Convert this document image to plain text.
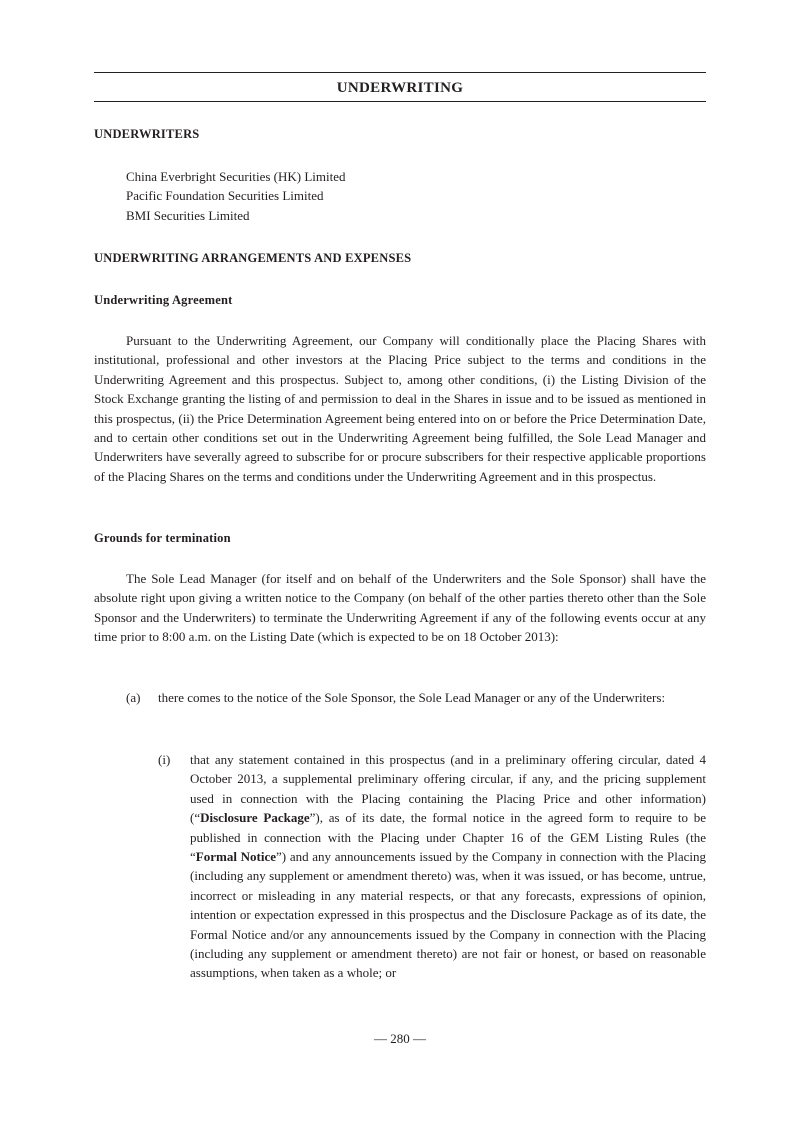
UNDERWRITING
UNDERWRITERS
China Everbright Securities (HK) Limited
Pacific Foundation Securities Limited
BMI Securities Limited
UNDERWRITING ARRANGEMENTS AND EXPENSES
Underwriting Agreement

Pursuant to the Underwriting Agreement, our Company will conditionally place the Placing Shares with institutional, professional and other investors at the Placing Price subject to the terms and conditions in the Underwriting Agreement and this prospectus. Subject to, among other conditions, (i) the Listing Division of the Stock Exchange granting the listing of and permission to deal in the Shares in issue and to be issued as mentioned in this prospectus, (ii) the Price Determination Agreement being entered into on or before the Price Determination Date, and to certain other conditions set out in the Underwriting Agreement being fulfilled, the Sole Lead Manager and Underwriters have severally agreed to subscribe for or procure subscribers for their respective applicable proportions of the Placing Shares on the terms and conditions under the Underwriting Agreement and in this prospectus.

Grounds for termination

The Sole Lead Manager (for itself and on behalf of the Underwriters and the Sole Sponsor) shall have the absolute right upon giving a written notice to the Company (on behalf of the other parties thereto other than the Sole Sponsor and the Underwriters) to terminate the Underwriting Agreement if any of the following events occur at any time prior to 8:00 a.m. on the Listing Date (which is expected to be on 18 October 2013):

(a) there comes to the notice of the Sole Sponsor, the Sole Lead Manager or any of the Underwriters:
(i) that any statement contained in this prospectus (and in a preliminary offering circular, dated 4 October 2013, a supplemental preliminary offering circular, if any, and the pricing supplement used in connection with the Placing containing the Placing Price and other information)(“Disclosure Package”), as of its date, the formal notice in the agreed form to require to be published in connection with the Placing under Chapter 16 of the GEM Listing Rules (the “Formal Notice”) and any announcements issued by the Company in connection with the Placing (including any supplement or amendment thereto) was, when it was issued, or has become, untrue, incorrect or misleading in any material respects, or that any forecasts, expressions of opinion, intention or expectation expressed in this prospectus and the Disclosure Package as of its date, the Formal Notice and/or any announcements issued by the Company in connection with the Placing (including any supplement or amendment thereto) are not fair or honest, or based on reasonable assumptions, when taken as a whole; or
— 280 —
